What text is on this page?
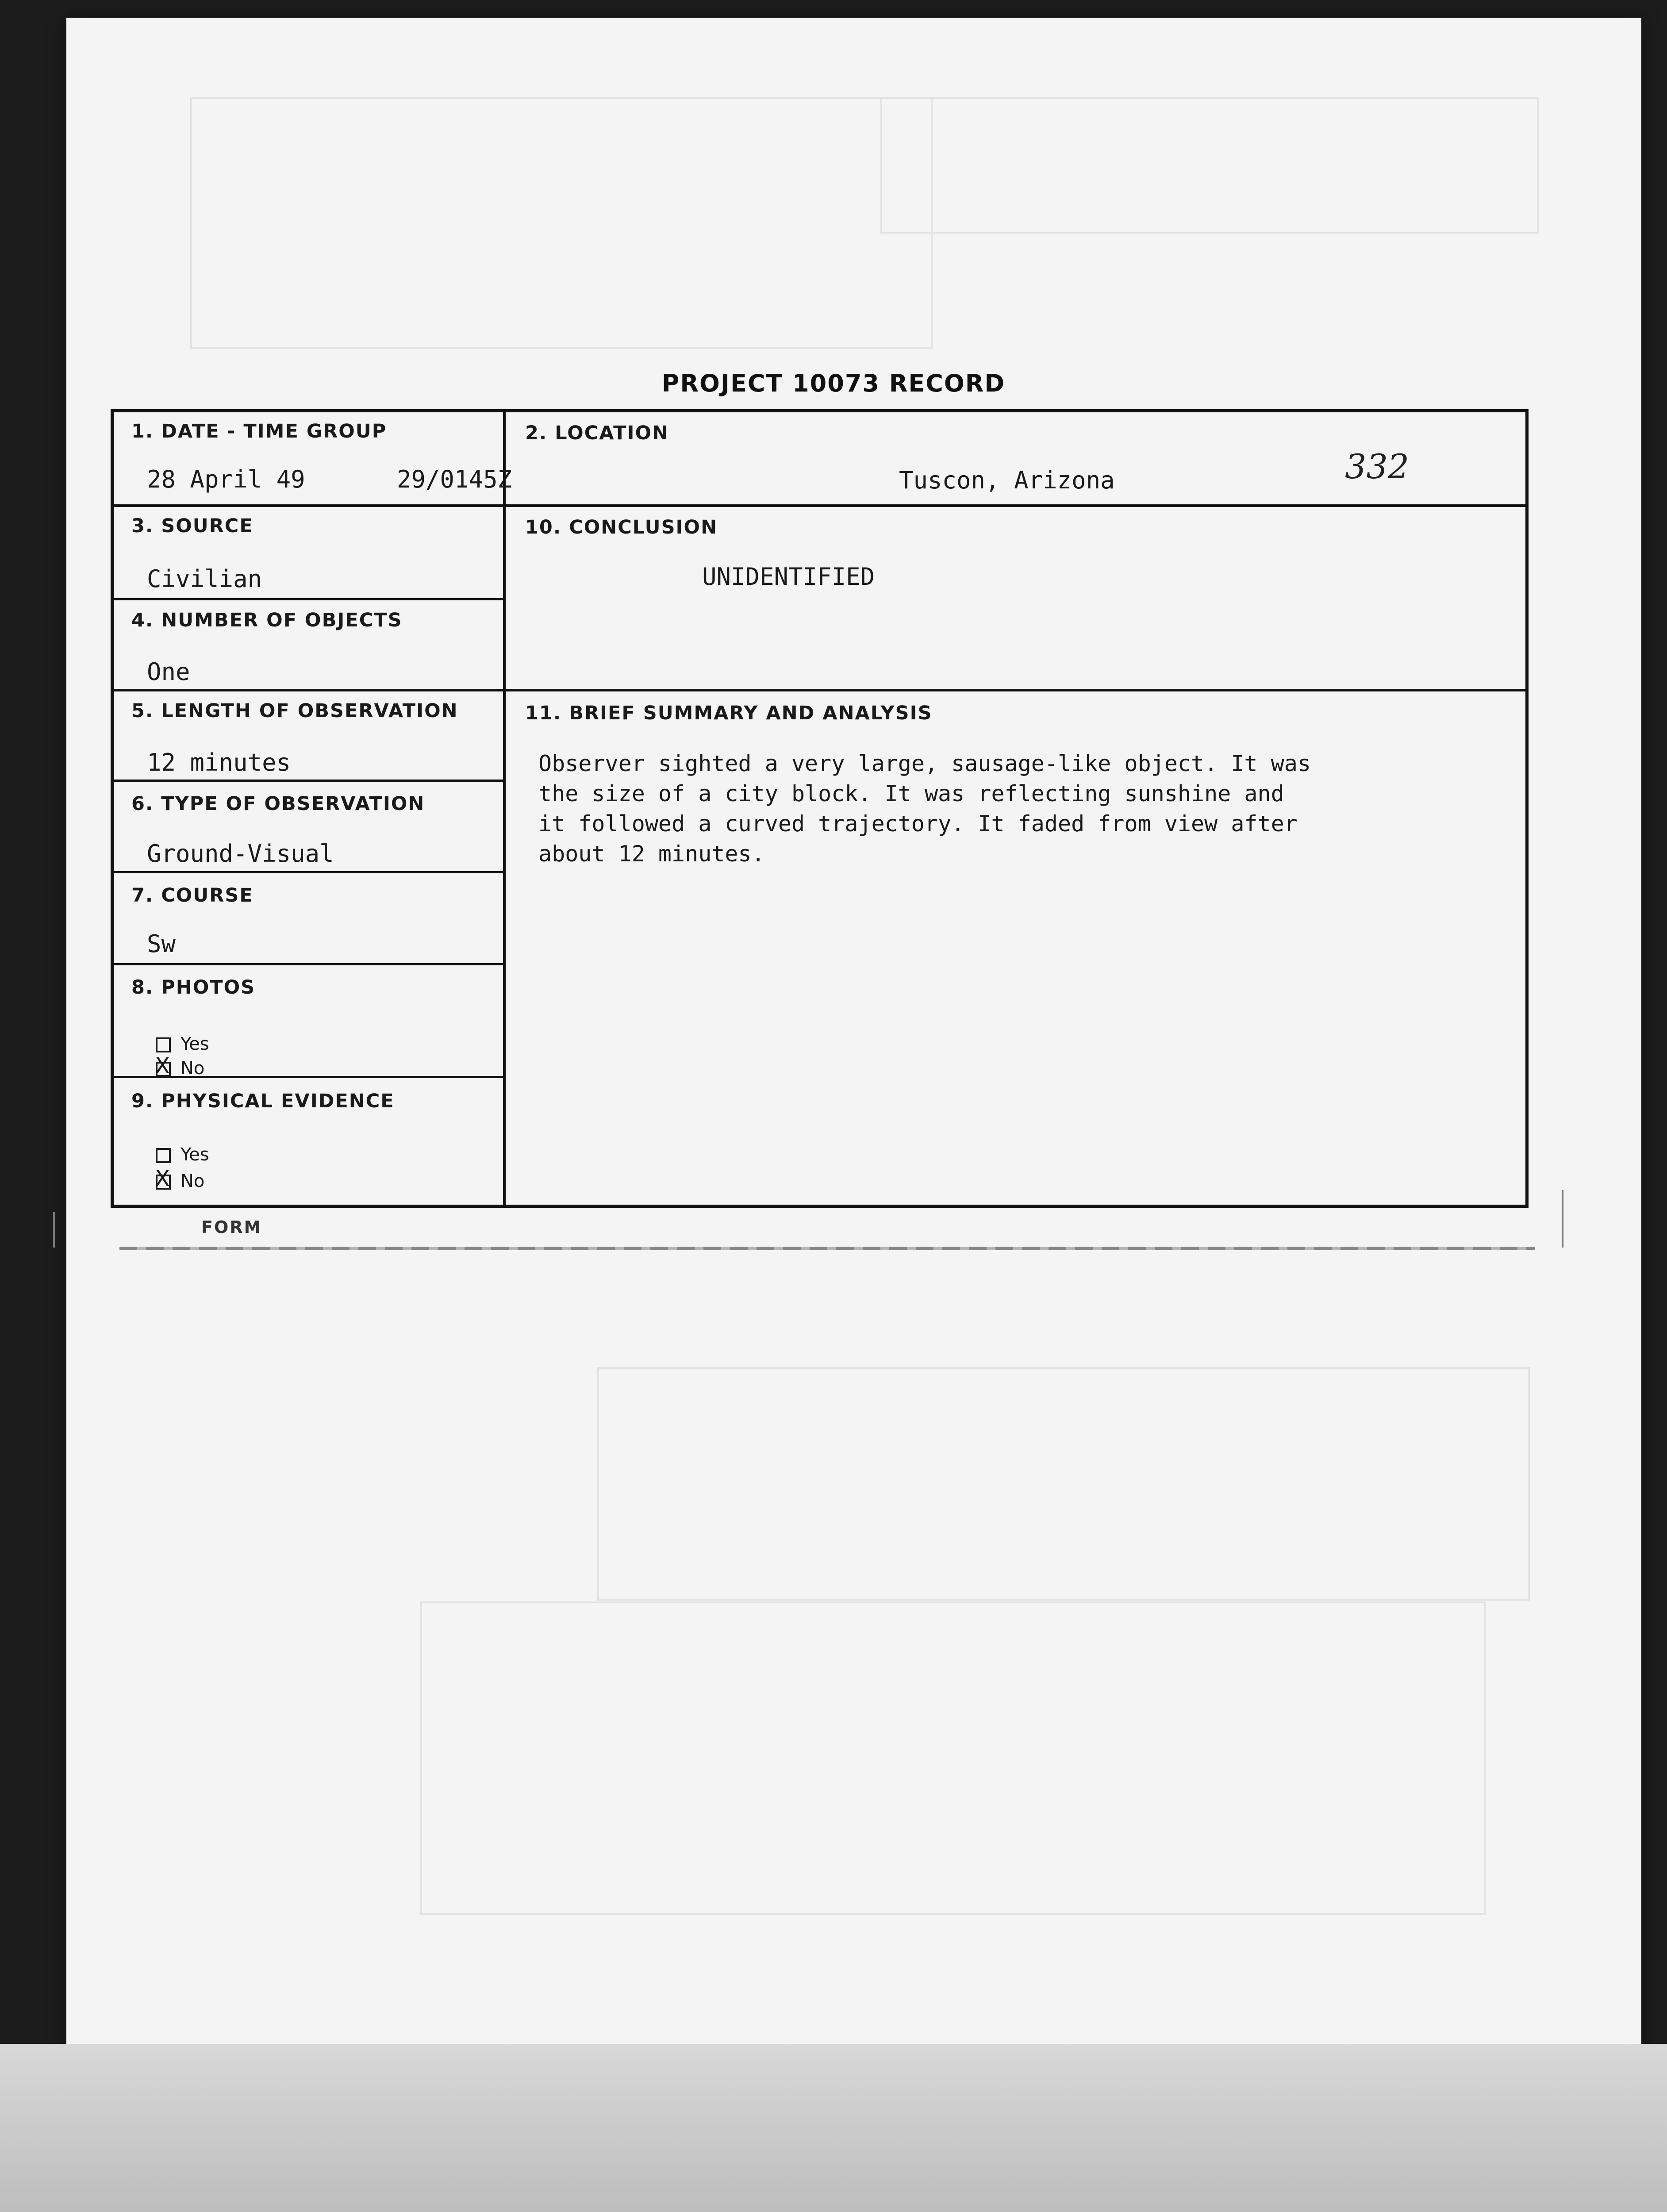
PROJECT 10073 RECORD
332
1. DATE - TIME GROUP
28 April 49	29/0145Z
2. LOCATION
Tuscon, Arizona
3. SOURCE
Civilian
10. CONCLUSION
UNIDENTIFIED
4. NUMBER OF OBJECTS
One
5. LENGTH OF OBSERVATION
12 minutes
11. BRIEF SUMMARY AND ANALYSIS
6. TYPE OF OBSERVATION
Ground-Visual
7. COURSE
Sw
8. PHOTOS
Yes
XNo
9. PHYSICAL EVIDENCE
Yes
XNo
Observer sighted a very large, sausage-like object. It was
the size of a city block. It was reflecting sunshine and
it followed a curved trajectory. It faded from view after
about 12 minutes.
FORM
